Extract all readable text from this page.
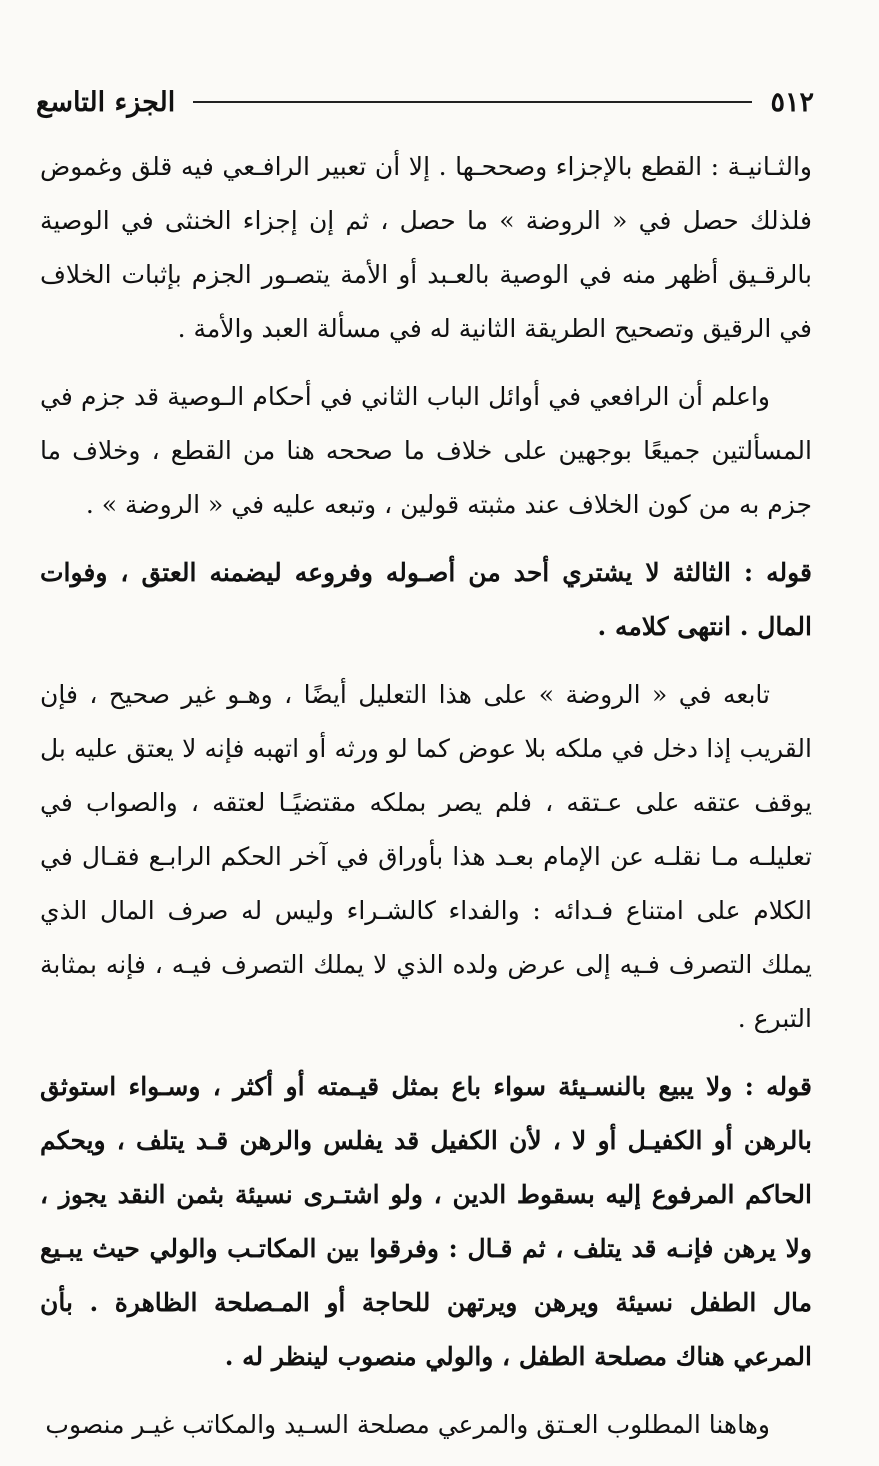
٥١٢
الجزء التاسع

والثـانيـة : القطع بالإجزاء وصححـها . إلا أن تعبير الرافـعي فيه قلق وغموض فلذلك حصل في « الروضة » ما حصل ، ثم إن إجزاء الخنثى في الوصية بالرقـيق أظهر منه في الوصية بالعـبد أو الأمة يتصـور الجزم بإثبات الخلاف في الرقيق وتصحيح الطريقة الثانية له في مسألة العبد والأمة .

واعلم أن الرافعي في أوائل الباب الثاني في أحكام الـوصية قد جزم في المسألتين جميعًا بوجهين على خلاف ما صححه هنا من القطع ، وخلاف ما جزم به من كون الخلاف عند مثبته قولين ، وتبعه عليه في « الروضة » .

قوله : الثالثة لا يشتري أحد من أصـوله وفروعه ليضمنه العتق ، وفوات المال . انتهى كلامه .

تابعه في « الروضة » على هذا التعليل أيضًا ، وهـو غير صحيح ، فإن القريب إذا دخل في ملكه بلا عوض كما لو ورثه أو اتهبه فإنه لا يعتق عليه بل يوقف عتقه على عـتقه ، فلم يصر بملكه مقتضيًـا لعتقه ، والصواب في تعليلـه مـا نقلـه عن الإمام بعـد هذا بأوراق في آخر الحكم الرابـع فقـال في الكلام على امتناع فـدائه : والفداء كالشـراء وليس له صرف المال الذي يملك التصرف فـيه إلى عرض ولده الذي لا يملك التصرف فيـه ، فإنه بمثابة التبرع .

قوله : ولا يبيع بالنسـيئة سواء باع بمثل قيـمته أو أكثر ، وسـواء استوثق بالرهن أو الكفيـل أو لا ، لأن الكفيل قد يفلس والرهن قـد يتلف ، ويحكم الحاكم المرفوع إليه بسقوط الدين ، ولو اشتـرى نسيئة بثمن النقد يجوز ، ولا يرهن فإنـه قد يتلف ، ثم قـال : وفرقوا بين المكاتـب والولي حيث يبـيع مال الطفل نسيئة ويرهن ويرتهن للحاجة أو المـصلحة الظاهرة . بأن المرعي هناك مصلحة الطفل ، والولي منصوب لينظر له .

وهاهنا المطلوب العـتق والمرعي مصلحة السـيد والمكاتب غيـر منصوب
